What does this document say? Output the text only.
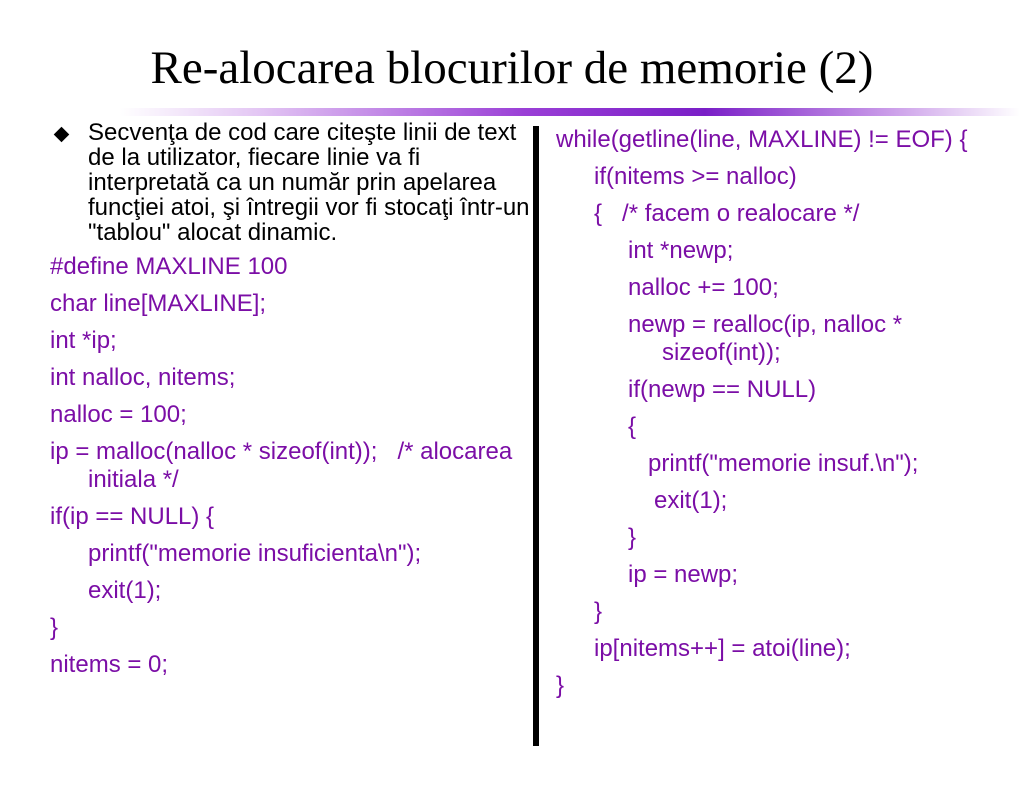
Re-alocarea blocurilor de memorie (2)
Secvenţa de cod care citeşte linii de text de la utilizator, fiecare linie va fi interpretată ca un număr prin apelarea funcţiei atoi, şi întregii vor fi stocaţi într-un "tablou" alocat dinamic.
#define MAXLINE 100
char line[MAXLINE];
int *ip;
int nalloc, nitems;
nalloc = 100;
ip = malloc(nalloc * sizeof(int));   /* alocarea initiala */
if(ip == NULL) {
printf("memorie insuficienta\n");
exit(1);
}
nitems = 0;
while(getline(line, MAXLINE) != EOF) {
if(nitems >= nalloc)
{   /* facem o realocare */
int *newp;
nalloc += 100;
newp = realloc(ip, nalloc * sizeof(int));
if(newp == NULL)
{
printf("memorie insuf.\n");
exit(1);
}
ip = newp;
}
ip[nitems++] = atoi(line);
}
